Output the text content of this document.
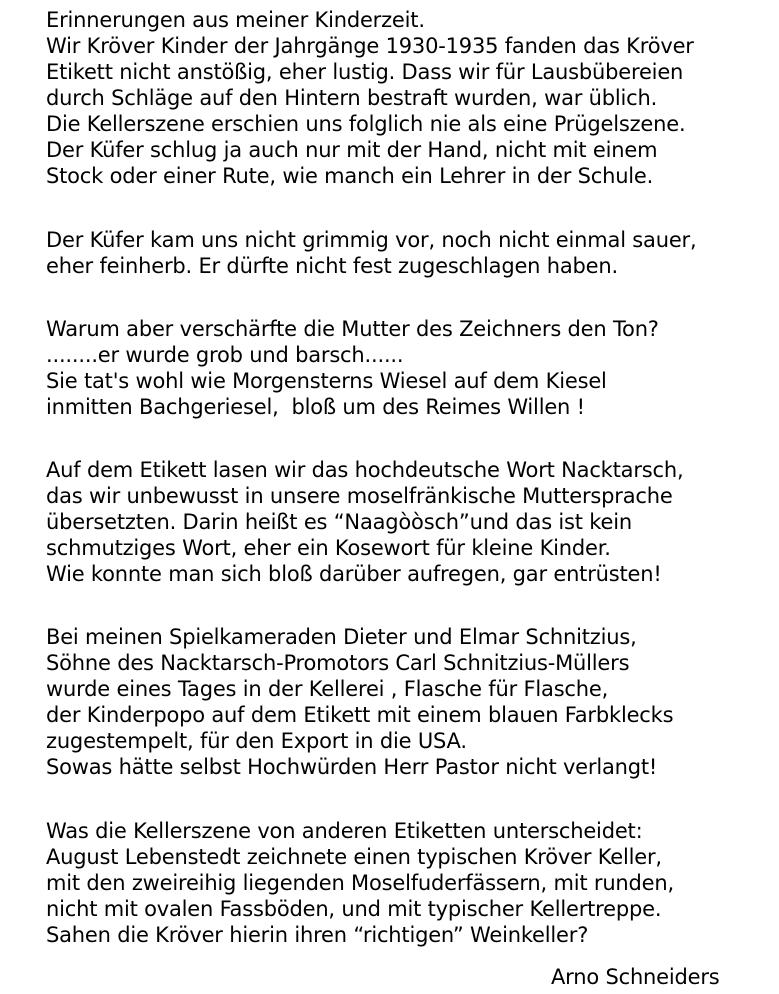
Erinnerungen aus meiner Kinderzeit.
Wir Kröver Kinder der Jahrgänge 1930-1935 fanden das Kröver
Etikett nicht anstößig, eher lustig. Dass wir für Lausbübereien
durch Schläge auf den Hintern bestraft wurden, war üblich.
Die Kellerszene erschien uns folglich nie als eine Prügelszene.
Der Küfer schlug ja auch nur mit der Hand, nicht mit einem
Stock oder einer Rute, wie manch ein Lehrer in der Schule.
Der Küfer kam uns nicht grimmig vor, noch nicht einmal sauer,
eher feinherb. Er dürfte nicht fest zugeschlagen haben.
Warum aber verschärfte die Mutter des Zeichners den Ton?
........er wurde grob und barsch......
Sie tat's wohl wie Morgensterns Wiesel auf dem Kiesel
inmitten Bachgeriesel,  bloß um des Reimes Willen !
Auf dem Etikett lasen wir das hochdeutsche Wort Nacktarsch,
das wir unbewusst in unsere moselfränkische Muttersprache
übersetzten. Darin heißt es “Naagòòsch”und das ist kein
schmutziges Wort, eher ein Kosewort für kleine Kinder.
Wie konnte man sich bloß darüber aufregen, gar entrüsten!
Bei meinen Spielkameraden Dieter und Elmar Schnitzius,
Söhne des Nacktarsch-Promotors Carl Schnitzius-Müllers
wurde eines Tages in der Kellerei , Flasche für Flasche,
der Kinderpopo auf dem Etikett mit einem blauen Farbklecks
zugestempelt, für den Export in die USA.
Sowas hätte selbst Hochwürden Herr Pastor nicht verlangt!
Was die Kellerszene von anderen Etiketten unterscheidet:
August Lebenstedt zeichnete einen typischen Kröver Keller,
mit den zweireihig liegenden Moselfuderfässern, mit runden,
nicht mit ovalen Fassböden, und mit typischer Kellertreppe.
Sahen die Kröver hierin ihren “richtigen” Weinkeller?
Arno Schneiders
